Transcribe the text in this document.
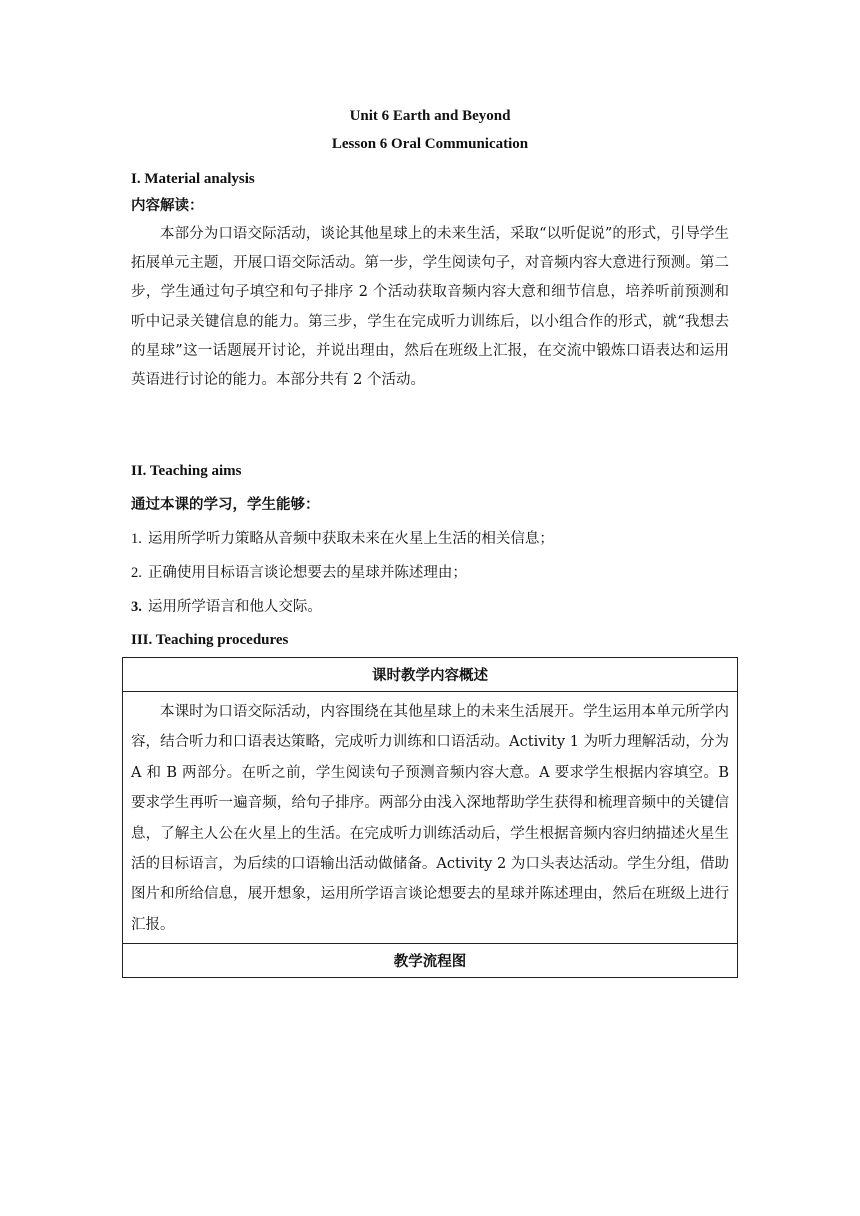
Unit 6 Earth and Beyond
Lesson 6 Oral Communication
I. Material analysis
内容解读：

本部分为口语交际活动，谈论其他星球上的未来生活，采取“以听促说”的形式，引导学生拓展单元主题，开展口语交际活动。第一步，学生阅读句子，对音频内容大意进行预测。第二步，学生通过句子填空和句子排序 2 个活动获取音频内容大意和细节信息，培养听前预测和听中记录关键信息的能力。第三步，学生在完成听力训练后，以小组合作的形式，就“我想去的星球”这一话题展开讨论，并说出理由，然后在班级上汇报，在交流中锻炼口语表达和运用英语进行讨论的能力。本部分共有 2 个活动。

II. Teaching aims
通过本课的学习，学生能够：
1. 运用所学听力策略从音频中获取未来在火星上生活的相关信息；
2. 正确使用目标语言谈论想要去的星球并陈述理由；
3. 运用所学语言和他人交际。
III. Teaching procedures
课时教学内容概述

本课时为口语交际活动，内容围绕在其他星球上的未来生活展开。学生运用本单元所学内容，结合听力和口语表达策略，完成听力训练和口语活动。Activity 1 为听力理解活动，分为 A 和 B 两部分。在听之前，学生阅读句子预测音频内容大意。A 要求学生根据内容填空。B 要求学生再听一遍音频，给句子排序。两部分由浅入深地帮助学生获得和梳理音频中的关键信息，了解主人公在火星上的生活。在完成听力训练活动后，学生根据音频内容归纳描述火星生活的目标语言，为后续的口语输出活动做储备。Activity 2 为口头表达活动。学生分组，借助图片和所给信息，展开想象，运用所学语言谈论想要去的星球并陈述理由，然后在班级上进行汇报。

教学流程图
